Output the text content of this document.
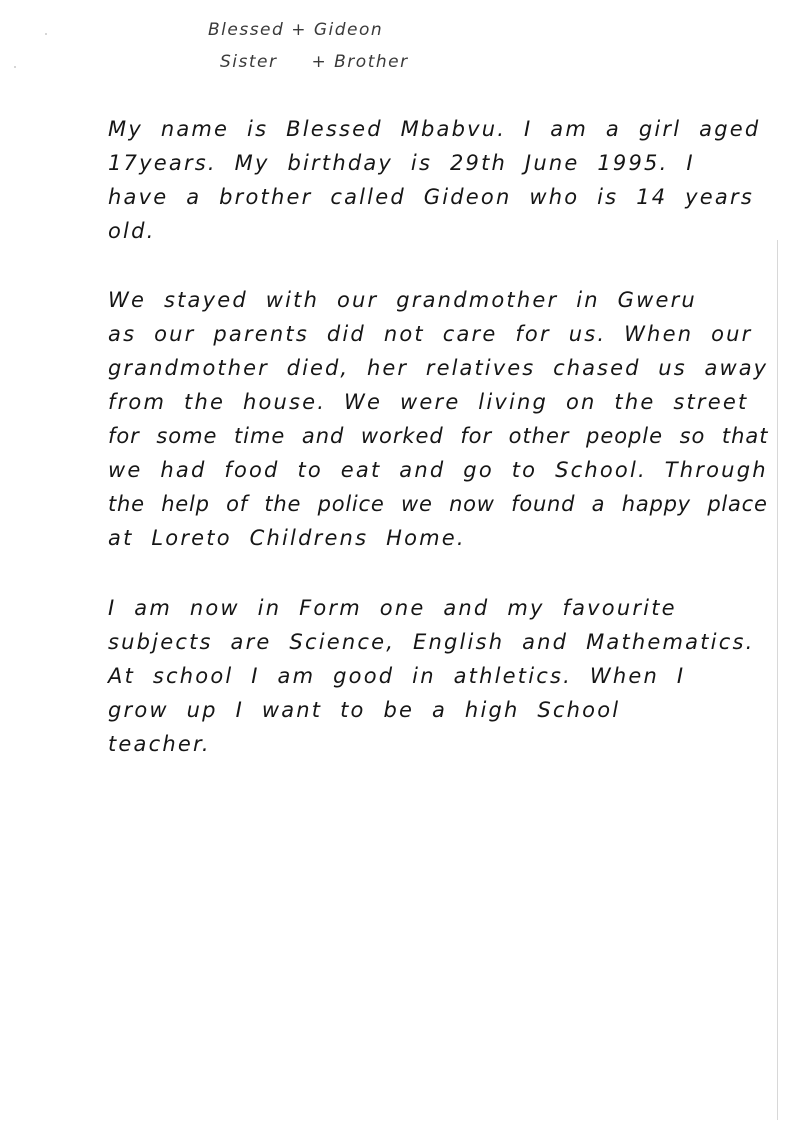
Blessed + Gideon
Sister + Brother
My name is Blessed Mbabvu. I am a girl aged
17years. My birthday is 29th June 1995. I
have a brother called Gideon who is 14 years
old.
We stayed with our grandmother in Gweru
as our parents did not care for us. When our
grandmother died, her relatives chased us away
from the house. We were living on the street
for some time and worked for other people so that
we had food to eat and go to School. Through
the help of the police we now found a happy place
at Loreto Childrens Home.
I am now in Form one and my favourite
subjects are Science, English and Mathematics.
At school I am good in athletics. When I
grow up I want to be a high School
teacher.
